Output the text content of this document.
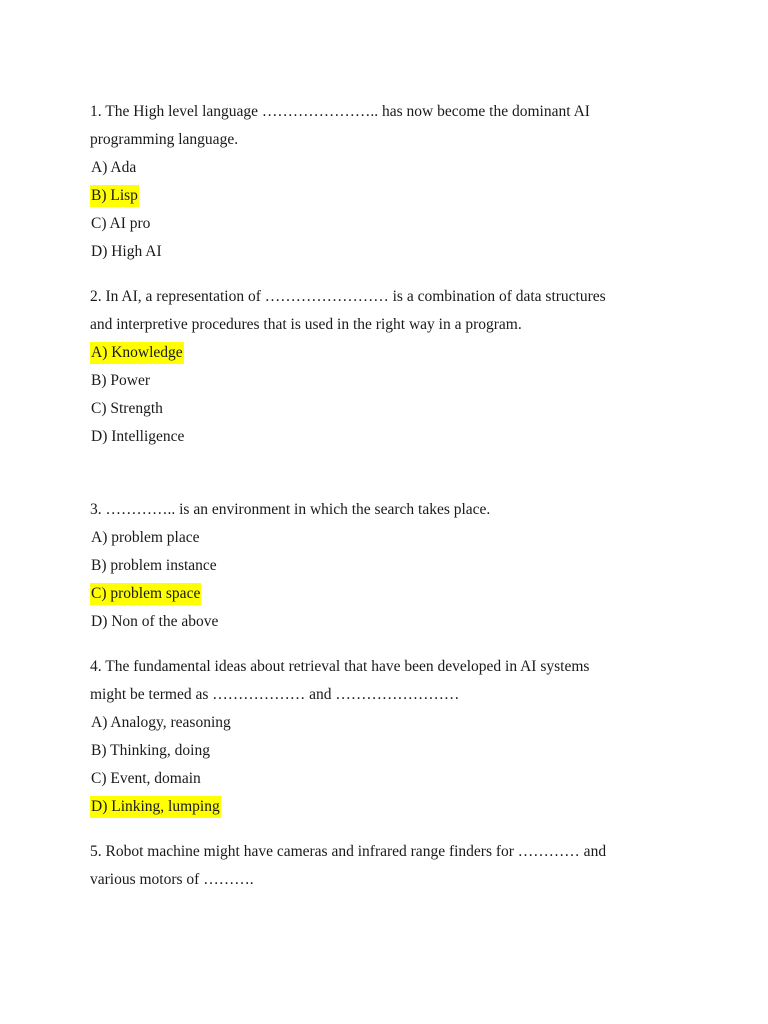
1. The High level language ………………….. has now become the dominant AI
programming language.
A) Ada
B) Lisp
C) AI pro
D) High AI
2. In AI, a representation of …………………… is a combination of data structures
and interpretive procedures that is used in the right way in a program.
A) Knowledge
B) Power
C) Strength
D) Intelligence
3. ………….. is an environment in which the search takes place.
A) problem place
B) problem instance
C) problem space
D) Non of the above
4. The fundamental ideas about retrieval that have been developed in AI systems
might be termed as ……………… and ……………………
A) Analogy, reasoning
B) Thinking, doing
C) Event, domain
D) Linking, lumping
5. Robot machine might have cameras and infrared range finders for ………… and
various motors of ……….
